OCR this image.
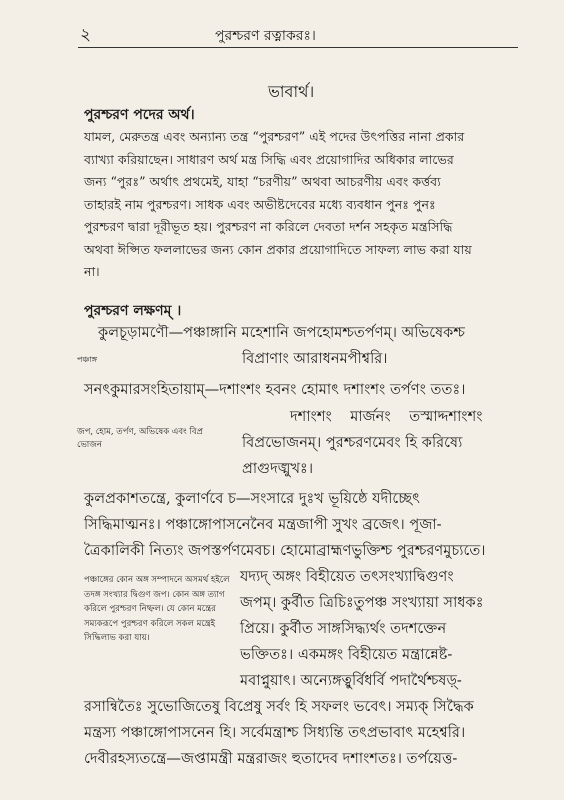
২	পুরশ্চরণ রত্নাকরঃ।
ভাবার্থ।
পুরশ্চরণ পদের অর্থ।
যামল, মেরুতন্ত্র এবং অন্যান্য তন্ত্র “পুরশ্চরণ” এই পদের উৎপত্তির নানা প্রকার
ব্যাখ্যা করিয়াছেন। সাধারণ অর্থ মন্ত্র সিদ্ধি এবং প্রয়োগাদির অধিকার লাভের
জন্য “পুরঃ” অর্থাৎ প্রথমেই, যাহা “চরণীয়” অথবা আচরণীয় এবং কর্ত্তব্য
তাহারই নাম পুরশ্চরণ। সাধক এবং অভীষ্টদেবের মধ্যে ব্যবধান পুনঃ পুনঃ
পুরশ্চরণ দ্বারা দূরীভূত হয়। পুরশ্চরণ না করিলে দেবতা দর্শন সহকৃত মন্ত্রসিদ্ধি
অথবা ঈপ্সিত ফললাভের জন্য কোন প্রকার প্রয়োগাদিতে সাফল্য লাভ করা যায়
না।
পুরশ্চরণ লক্ষণম্ ।
কুলচূড়ামণৌ—পঞ্চাঙ্গানি মহেশানি জপহোমশ্চতর্পণম্। অভিষেকশ্চ
বিপ্রাণাং আরাধনমপীশ্বরি।
পঞ্চাঙ্গ
সনৎকুমারসংহিতায়াম্—দশাংশং হবনং হোমাৎ দশাংশং তর্পণং ততঃ।
দশাংশং    মার্জনং    তস্মাদ্দশাংশং
বিপ্রভোজনম্। পুরশ্চরণমেবং হি করিষ্যে
প্রাগুদঙ্মুখঃ।
জপ, হোম, তর্পণ, অভিষেক এবং বিপ্র ভোজন
কুলপ্রকাশতন্ত্রে, কুলার্ণবে চ—সংসারে দুঃখ ভূয়িষ্ঠে যদীচ্ছেৎ
সিদ্ধিমাত্মনঃ। পঞ্চাঙ্গোপাসনেনৈব মন্ত্রজাপী সুখং ব্রজেৎ। পূজা-
ত্রৈকালিকী নিত্যং জপস্তর্পণমেবচ। হোমোব্রাহ্মণভুক্তিশ্চ পুরশ্চরণমুচ্যতে।
যদ্যদ্ অঙ্গং বিহীয়েত তৎসংখ্যাদ্বিগুণং
জপম্। কুর্বীত ত্রিচিঃতুপঞ্চ সংখ্যায়া সাধকঃ
প্রিয়ে। কুর্বীত সাঙ্গসিদ্ধ্যর্থং তদশক্তেন
ভক্তিতঃ। একমঙ্গং বিহীয়েত মন্ত্রান্নেষ্ট-
মবাপ্নুয়াৎ। অন্যেঙ্গত্বুর্বিধর্বি পদার্থৈশ্চষড়্-
পঞ্চাঙ্গের কোন অঙ্গ সম্পাদনে অসমর্থ হইলে তদঙ্গ সংখ্যার দ্বিগুণ জপ। কোন অঙ্গ ত্যাগ করিলে পুরশ্চরণ নিষ্ফল। যে কোন মন্ত্রের সম্যকরূপে পুরশ্চরণ করিলে সকল মন্ত্রেই সিদ্ধিলাভ করা যায়।
রসান্বিতৈঃ সুভোজিতেষু বিপ্রেষু সর্বং হি সফলং ভবেৎ। সম্যক্ সিদ্ধৈক
মন্ত্রস্য পঞ্চাঙ্গোপাসনেন হি। সর্বেমন্ত্রাশ্চ সিধ্যন্তি তৎপ্রভাবাৎ মহেশ্বরি।
দেবীরহস্যতন্ত্রে—জপ্তামন্ত্রী মন্ত্ররাজং হুতাদেব দশাংশতঃ। তর্পয়েত্ত-
